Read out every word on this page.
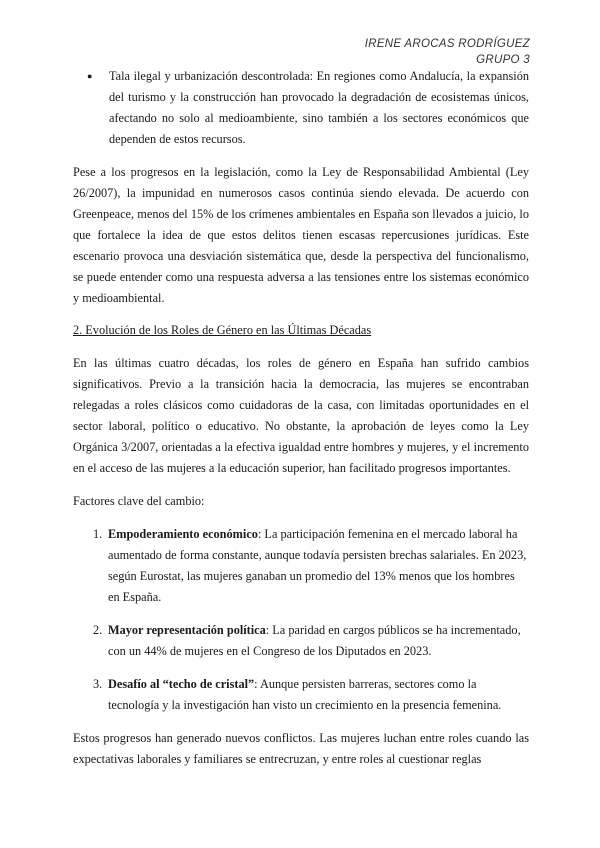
IRENE AROCAS RODRÍGUEZ
GRUPO 3
●	Tala ilegal y urbanización descontrolada: En regiones como Andalucía, la expansión del turismo y la construcción han provocado la degradación de ecosistemas únicos, afectando no solo al medioambiente, sino también a los sectores económicos que dependen de estos recursos.

Pese a los progresos en la legislación, como la Ley de Responsabilidad Ambiental (Ley 26/2007), la impunidad en numerosos casos continúa siendo elevada. De acuerdo con Greenpeace, menos del 15% de los crímenes ambientales en España son llevados a juicio, lo que fortalece la idea de que estos delitos tienen escasas repercusiones jurídicas. Este escenario provoca una desviación sistemática que, desde la perspectiva del funcionalismo, se puede entender como una respuesta adversa a las tensiones entre los sistemas económico y medioambiental.

2. Evolución de los Roles de Género en las Últimas Décadas

En las últimas cuatro décadas, los roles de género en España han sufrido cambios significativos. Previo a la transición hacia la democracia, las mujeres se encontraban relegadas a roles clásicos como cuidadoras de la casa, con limitadas oportunidades en el sector laboral, político o educativo. No obstante, la aprobación de leyes como la Ley Orgánica 3/2007, orientadas a la efectiva igualdad entre hombres y mujeres, y el incremento en el acceso de las mujeres a la educación superior, han facilitado progresos importantes.

Factores clave del cambio:

1. Empoderamiento económico: La participación femenina en el mercado laboral ha aumentado de forma constante, aunque todavía persisten brechas salariales. En 2023, según Eurostat, las mujeres ganaban un promedio del 13% menos que los hombres en España.

2. Mayor representación política: La paridad en cargos públicos se ha incrementado, con un 44% de mujeres en el Congreso de los Diputados en 2023.

3. Desafío al “techo de cristal”: Aunque persisten barreras, sectores como la tecnología y la investigación han visto un crecimiento en la presencia femenina.

Estos progresos han generado nuevos conflictos. Las mujeres luchan entre roles cuando las expectativas laborales y familiares se entrecruzan, y entre roles al cuestionar reglas
